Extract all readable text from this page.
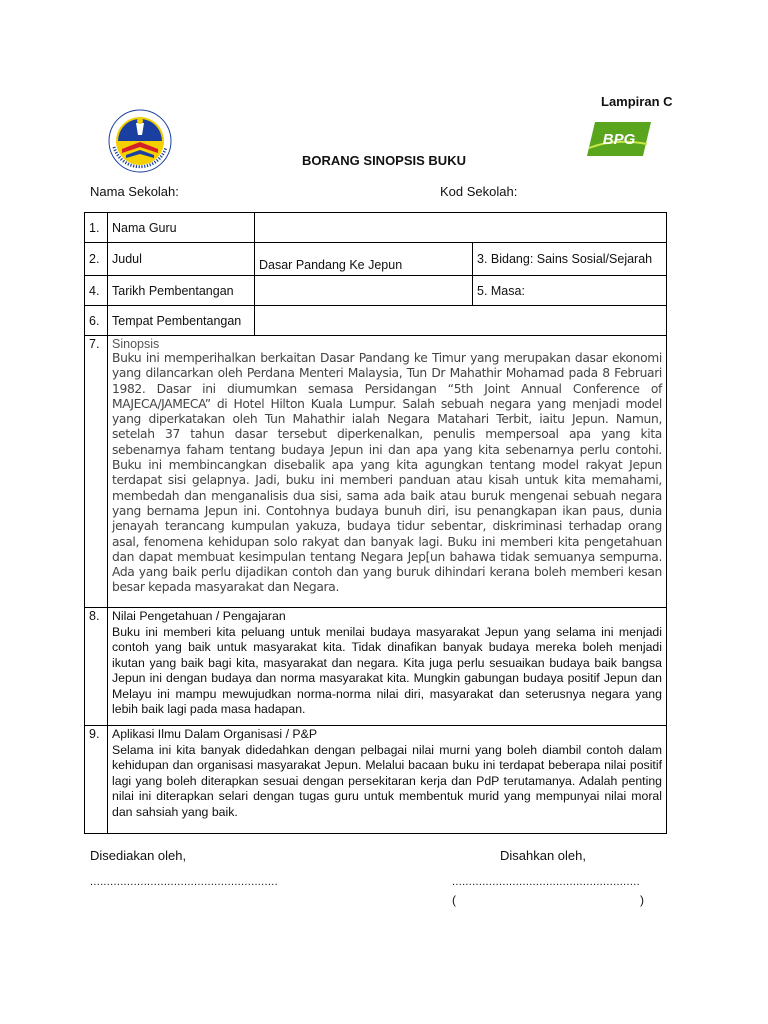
Lampiran C
BPG
BORANG SINOPSIS BUKU
Nama Sekolah:	Kod Sekolah:
1.	Nama Guru		
2.	Judul	Dasar Pandang Ke Jepun	3. Bidang: Sains Sosial/Sejarah
4.	Tarikh Pembentangan		5. Masa:
6.	Tempat Pembentangan		
7.	Sinopsis
Buku ini memperihalkan berkaitan Dasar Pandang ke Timur yang merupakan dasar ekonomi yang dilancarkan oleh Perdana Menteri Malaysia, Tun Dr Mahathir Mohamad pada 8 Februari 1982. Dasar ini diumumkan semasa Persidangan “5th Joint Annual Conference of MAJECA/JAMECA” di Hotel Hilton Kuala Lumpur. Salah sebuah negara yang menjadi model yang diperkatakan oleh Tun Mahathir ialah Negara Matahari Terbit, iaitu Jepun. Namun, setelah 37 tahun dasar tersebut diperkenalkan, penulis mempersoal apa yang kita sebenarnya faham tentang budaya Jepun ini dan apa yang kita sebenarnya perlu contohi. Buku ini membincangkan disebalik apa yang kita agungkan tentang model rakyat Jepun terdapat sisi gelapnya. Jadi, buku ini memberi panduan atau kisah untuk kita memahami, membedah dan menganalisis dua sisi, sama ada baik atau buruk mengenai sebuah negara yang bernama Jepun ini. Contohnya budaya bunuh diri, isu penangkapan ikan paus, dunia jenayah terancang kumpulan yakuza, budaya tidur sebentar, diskriminasi terhadap orang asal, fenomena kehidupan solo rakyat dan banyak lagi. Buku ini memberi kita pengetahuan dan dapat membuat kesimpulan tentang Negara Jep[un bahawa tidak semuanya sempurna. Ada yang baik perlu dijadikan contoh dan yang buruk dihindari kerana boleh memberi kesan besar kepada masyarakat dan Negara.		

8.	Nilai Pengetahuan / Pengajaran
Buku ini memberi kita peluang untuk menilai budaya masyarakat Jepun yang selama ini menjadi contoh yang baik untuk masyarakat kita. Tidak dinafikan banyak budaya mereka boleh menjadi ikutan yang baik bagi kita, masyarakat dan negara. Kita juga perlu sesuaikan budaya baik bangsa Jepun ini dengan budaya dan norma masyarakat kita. Mungkin gabungan budaya positif Jepun dan Melayu ini mampu mewujudkan norma-norma nilai diri, masyarakat dan seterusnya negara yang lebih baik lagi pada masa hadapan.		

9.	Aplikasi Ilmu Dalam Organisasi / P&P
Selama ini kita banyak didedahkan dengan pelbagai nilai murni yang boleh diambil contoh dalam kehidupan dan organisasi masyarakat Jepun. Melalui bacaan buku ini terdapat beberapa nilai positif lagi yang boleh diterapkan sesuai dengan persekitaran kerja dan PdP terutamanya. Adalah penting nilai ini diterapkan selari dengan tugas guru untuk membentuk murid yang mempunyai nilai moral dan sahsiah yang baik.		
Disediakan oleh,	Disahkan oleh,
........................................................	........................................................
(	)
